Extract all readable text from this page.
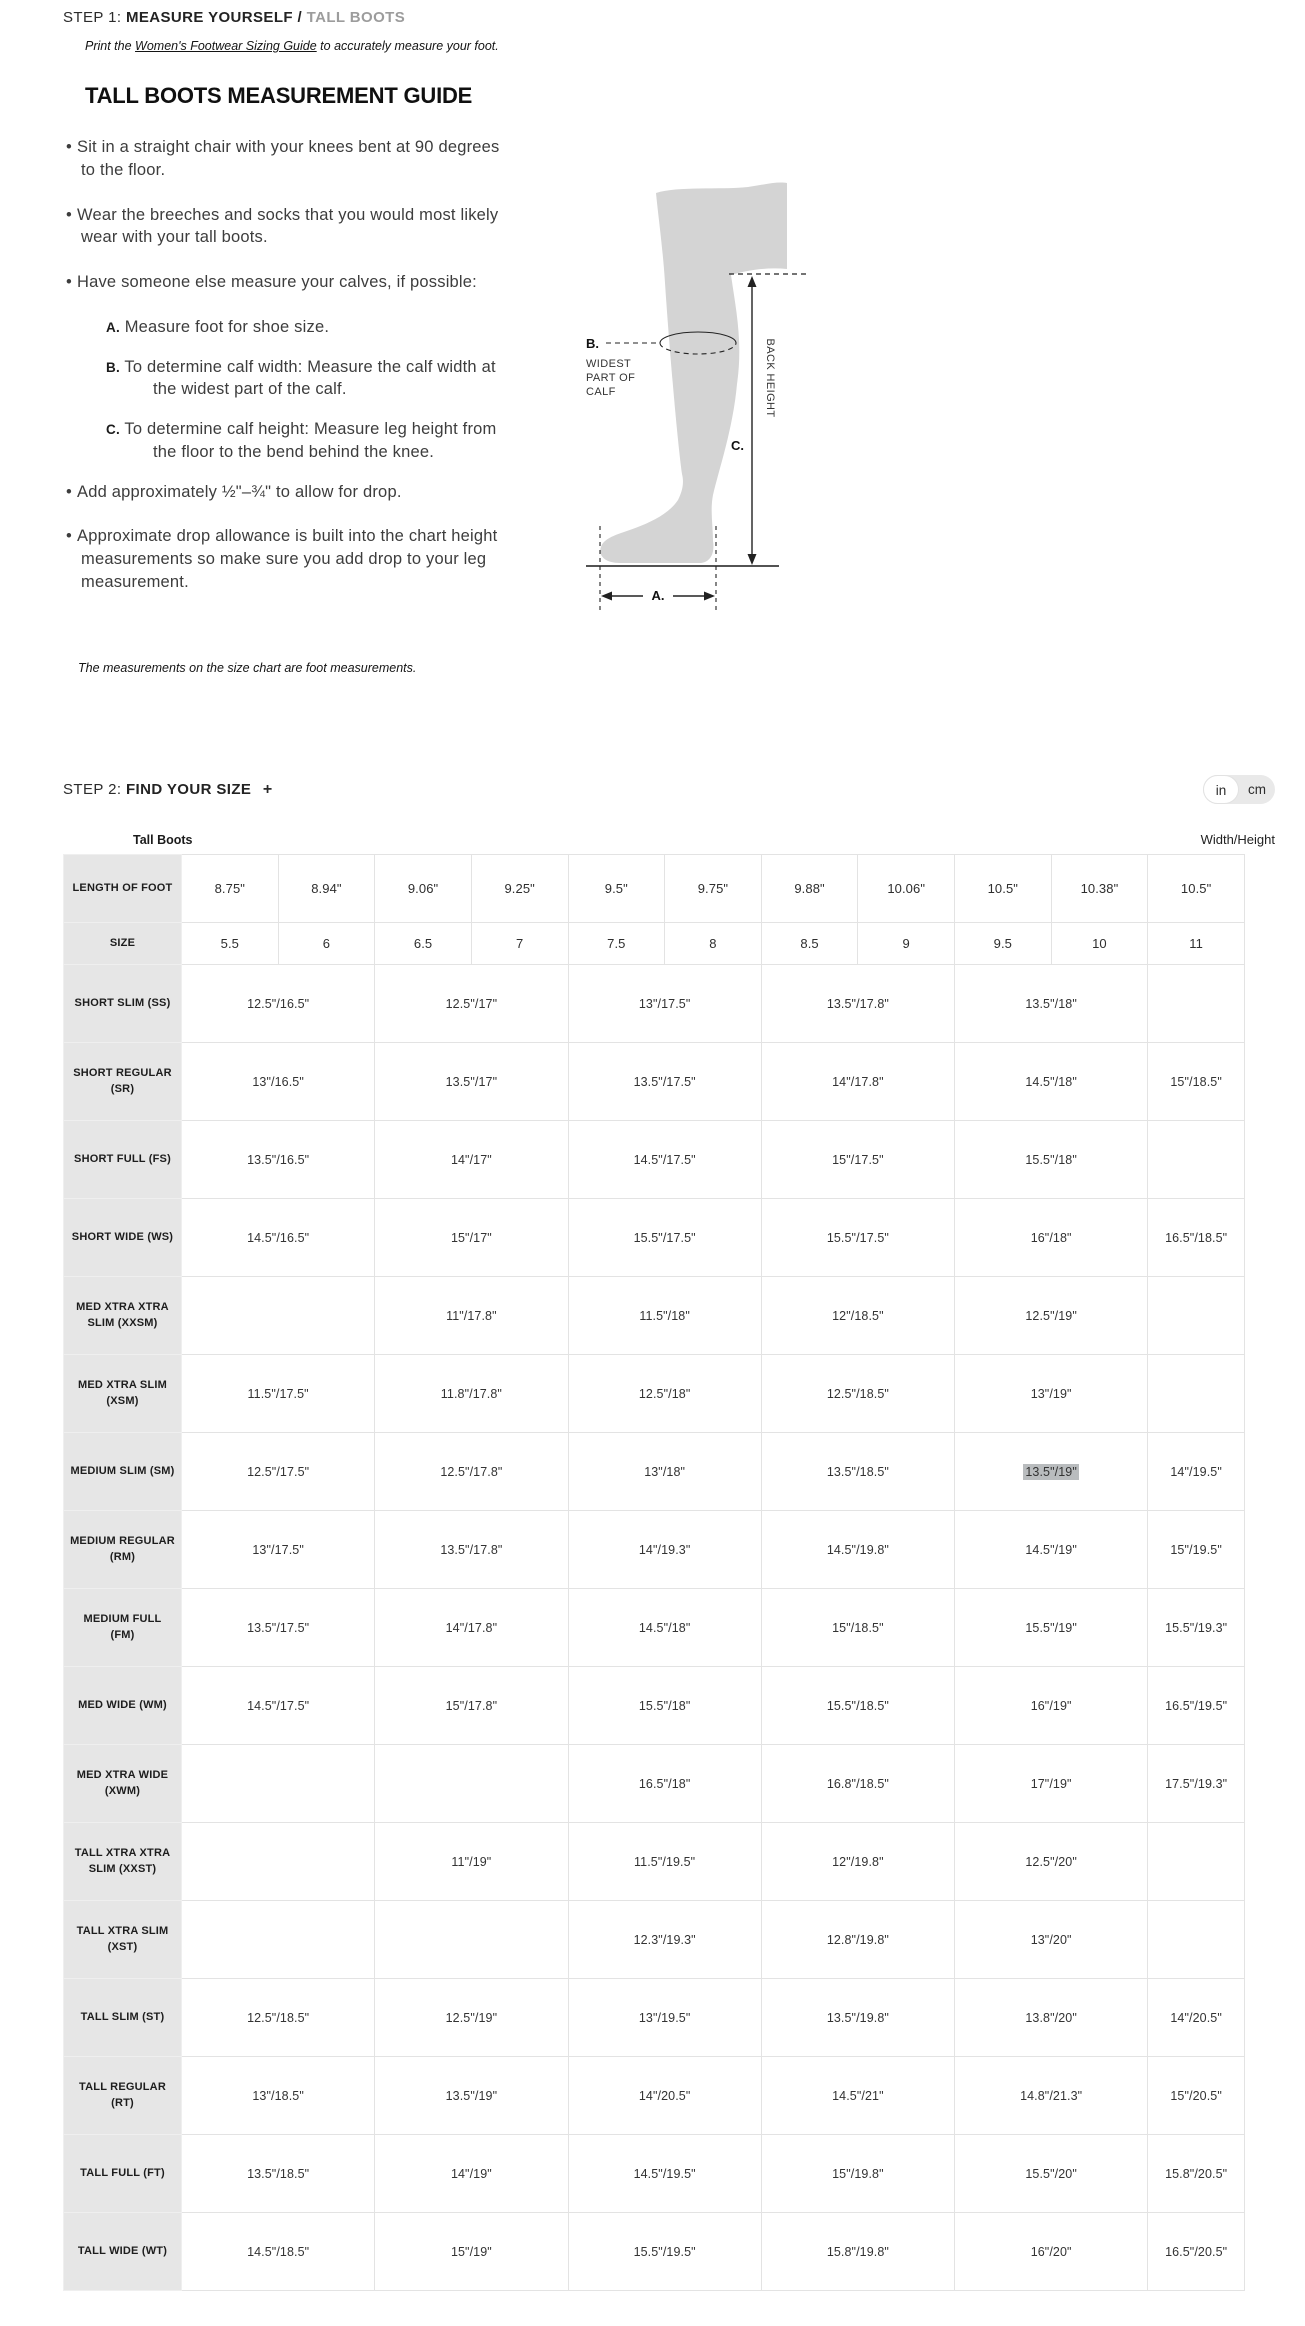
STEP 1: MEASURE YOURSELF / TALL BOOTS
Print the Women's Footwear Sizing Guide to accurately measure your foot.
TALL BOOTS MEASUREMENT GUIDE
• Sit in a straight chair with your knees bent at 90 degrees to the floor.
• Wear the breeches and socks that you would most likely wear with your tall boots.
• Have someone else measure your calves, if possible:
A. Measure foot for shoe size.
B. To determine calf width: Measure the calf width at the widest part of the calf.
C. To determine calf height: Measure leg height from the floor to the bend behind the knee.
• Add approximately ½"–¾" to allow for drop.
• Approximate drop allowance is built into the chart height measurements so make sure you add drop to your leg measurement.
The measurements on the size chart are foot measurements.
BACK HEIGHT
C.
B.
WIDEST
PART OF
CALF
A.
STEP 2: FIND YOUR SIZE +	in	cm
Tall Boots	Width/Height
LENGTH OF FOOT	8.75"	8.94"	9.06"	9.25"	9.5"	9.75"	9.88"	10.06"	10.5"	10.38"	10.5"
SIZE	5.5	6	6.5	7	7.5	8	8.5	9	9.5	10	11
SHORT SLIM (SS)	12.5"/16.5"		12.5"/17"		13"/17.5"		13.5"/17.8"		13.5"/18"		
SHORT REGULAR (SR)	13"/16.5"		13.5"/17"		13.5"/17.5"		14"/17.8"		14.5"/18"		15"/18.5"
SHORT FULL (FS)	13.5"/16.5"		14"/17"		14.5"/17.5"		15"/17.5"		15.5"/18"		
SHORT WIDE (WS)	14.5"/16.5"		15"/17"		15.5"/17.5"		15.5"/17.5"		16"/18"		16.5"/18.5"
MED XTRA XTRA SLIM (XXSM)			11"/17.8"		11.5"/18"		12"/18.5"		12.5"/19"		
MED XTRA SLIM (XSM)	11.5"/17.5"		11.8"/17.8"		12.5"/18"		12.5"/18.5"		13"/19"		
MEDIUM SLIM (SM)	12.5"/17.5"		12.5"/17.8"		13"/18"		13.5"/18.5"		13.5"/19"		14"/19.5"
MEDIUM REGULAR (RM)	13"/17.5"		13.5"/17.8"		14"/19.3"		14.5"/19.8"		14.5"/19"		15"/19.5"
MEDIUM FULL (FM)	13.5"/17.5"		14"/17.8"		14.5"/18"		15"/18.5"		15.5"/19"		15.5"/19.3"
MED WIDE (WM)	14.5"/17.5"		15"/17.8"		15.5"/18"		15.5"/18.5"		16"/19"		16.5"/19.5"
MED XTRA WIDE (XWM)					16.5"/18"		16.8"/18.5"		17"/19"		17.5"/19.3"
TALL XTRA XTRA SLIM (XXST)			11"/19"		11.5"/19.5"		12"/19.8"		12.5"/20"		
TALL XTRA SLIM (XST)					12.3"/19.3"		12.8"/19.8"		13"/20"		
TALL SLIM (ST)	12.5"/18.5"		12.5"/19"		13"/19.5"		13.5"/19.8"		13.8"/20"		14"/20.5"
TALL REGULAR (RT)	13"/18.5"		13.5"/19"		14"/20.5"		14.5"/21"		14.8"/21.3"		15"/20.5"
TALL FULL (FT)	13.5"/18.5"		14"/19"		14.5"/19.5"		15"/19.8"		15.5"/20"		15.8"/20.5"
TALL WIDE (WT)	14.5"/18.5"		15"/19"		15.5"/19.5"		15.8"/19.8"		16"/20"		16.5"/20.5"
